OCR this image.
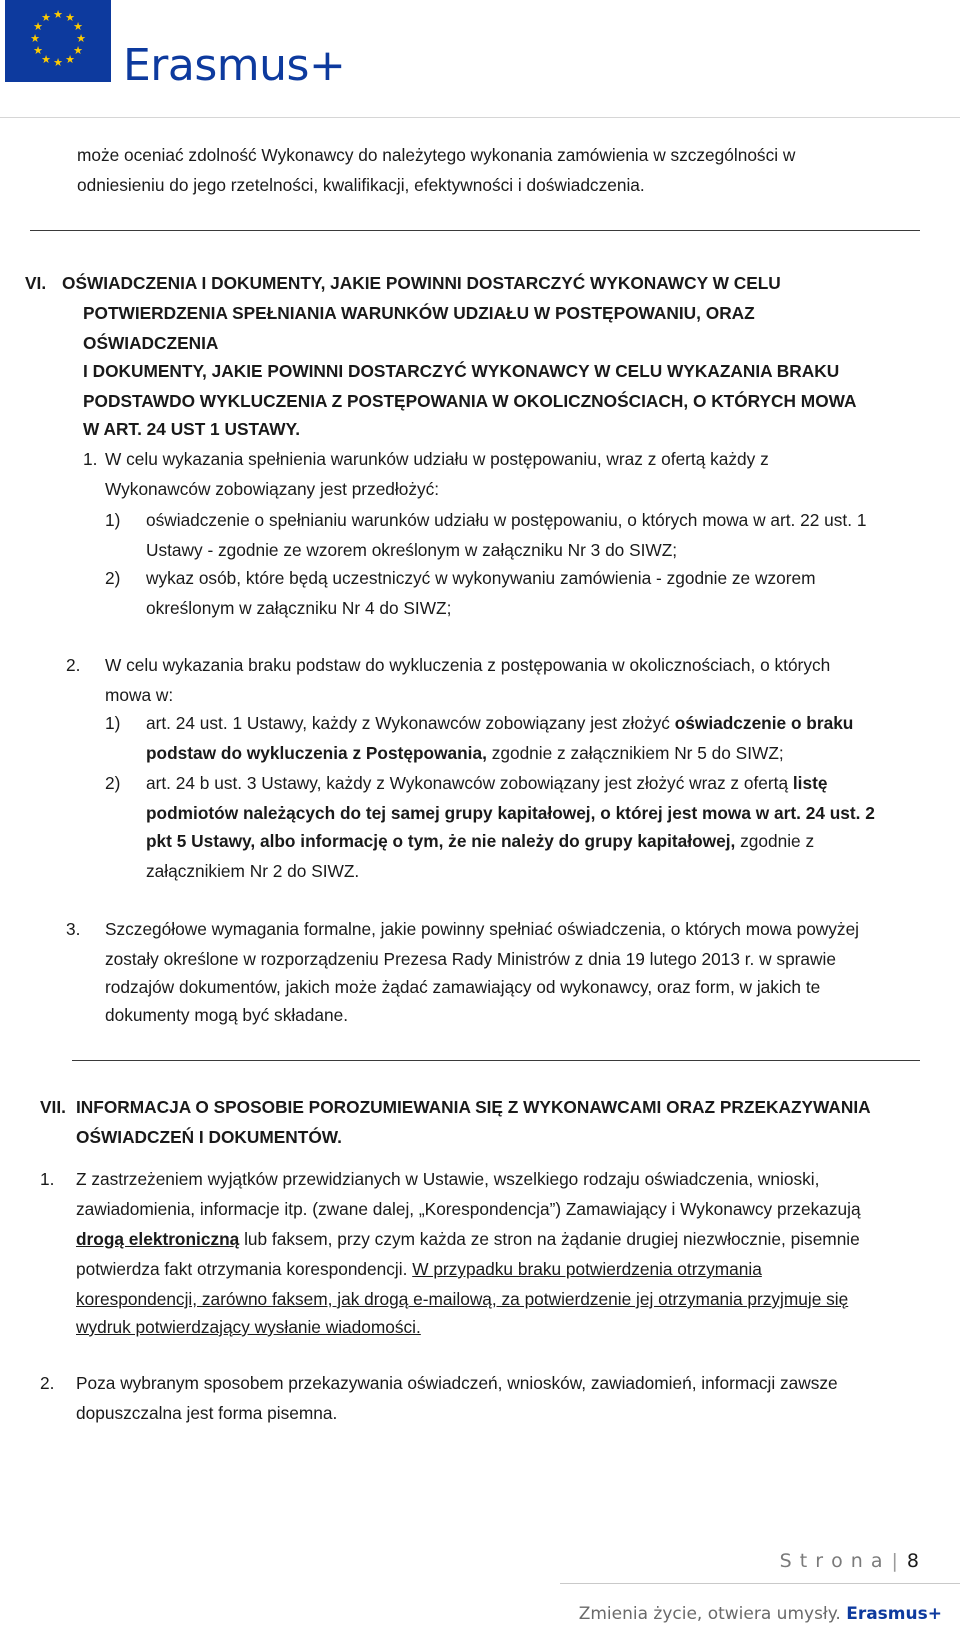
★ ★
★
★
★
★
★
★
★
★
★
★
Erasmus+
może oceniać zdolność Wykonawcy do należytego wykonania zamówienia w szczególności w
odniesieniu do jego rzetelności, kwalifikacji, efektywności i doświadczenia.
VI. OŚWIADCZENIA I DOKUMENTY, JAKIE POWINNI DOSTARCZYĆ WYKONAWCY W CELU
POTWIERDZENIA SPEŁNIANIA WARUNKÓW UDZIAŁU W POSTĘPOWANIU, ORAZ
OŚWIADCZENIA
I DOKUMENTY, JAKIE POWINNI DOSTARCZYĆ WYKONAWCY W CELU WYKAZANIA BRAKU
PODSTAWDO WYKLUCZENIA Z POSTĘPOWANIA W OKOLICZNOŚCIACH, O KTÓRYCH MOWA
W ART. 24 UST 1 USTAWY.
1. W celu wykazania spełnienia warunków udziału w postępowaniu, wraz z ofertą każdy z
Wykonawców zobowiązany jest przedłożyć:
1) oświadczenie o spełnianiu warunków udziału w postępowaniu, o których mowa w art. 22 ust. 1
Ustawy - zgodnie ze wzorem określonym w załączniku Nr 3 do SIWZ;
2) wykaz osób, które będą uczestniczyć w wykonywaniu zamówienia - zgodnie ze wzorem
określonym w załączniku Nr 4 do SIWZ;
2. W celu wykazania braku podstaw do wykluczenia z postępowania w okolicznościach, o których
mowa w:
1) art. 24 ust. 1 Ustawy, każdy z Wykonawców zobowiązany jest złożyć oświadczenie o braku
podstaw do wykluczenia z Postępowania, zgodnie z załącznikiem Nr 5 do SIWZ;
2) art. 24 b ust. 3 Ustawy, każdy z Wykonawców zobowiązany jest złożyć wraz z ofertą listę
podmiotów należących do tej samej grupy kapitałowej, o której jest mowa w art. 24 ust. 2
pkt 5 Ustawy, albo informację o tym, że nie należy do grupy kapitałowej, zgodnie z
załącznikiem Nr 2 do SIWZ.
3. Szczegółowe wymagania formalne, jakie powinny spełniać oświadczenia, o których mowa powyżej
zostały określone w rozporządzeniu Prezesa Rady Ministrów z dnia 19 lutego 2013 r. w sprawie
rodzajów dokumentów, jakich może żądać zamawiający od wykonawcy, oraz form, w jakich te
dokumenty mogą być składane.
VII. INFORMACJA O SPOSOBIE POROZUMIEWANIA SIĘ Z WYKONAWCAMI ORAZ PRZEKAZYWANIA
OŚWIADCZEŃ I DOKUMENTÓW.
1. Z zastrzeżeniem wyjątków przewidzianych w Ustawie, wszelkiego rodzaju oświadczenia, wnioski,
zawiadomienia, informacje itp. (zwane dalej, „Korespondencja”) Zamawiający i Wykonawcy przekazują
drogą elektroniczną lub faksem, przy czym każda ze stron na żądanie drugiej niezwłocznie, pisemnie
potwierdza fakt otrzymania korespondencji. W przypadku braku potwierdzenia otrzymania
korespondencji, zarówno faksem, jak drogą e-mailową, za potwierdzenie jej otrzymania przyjmuje się
wydruk potwierdzający wysłanie wiadomości.
2. Poza wybranym sposobem przekazywania oświadczeń, wniosków, zawiadomień, informacji zawsze
dopuszczalna jest forma pisemna.
S t r o n a | 8
Zmienia życie, otwiera umysły. Erasmus+
